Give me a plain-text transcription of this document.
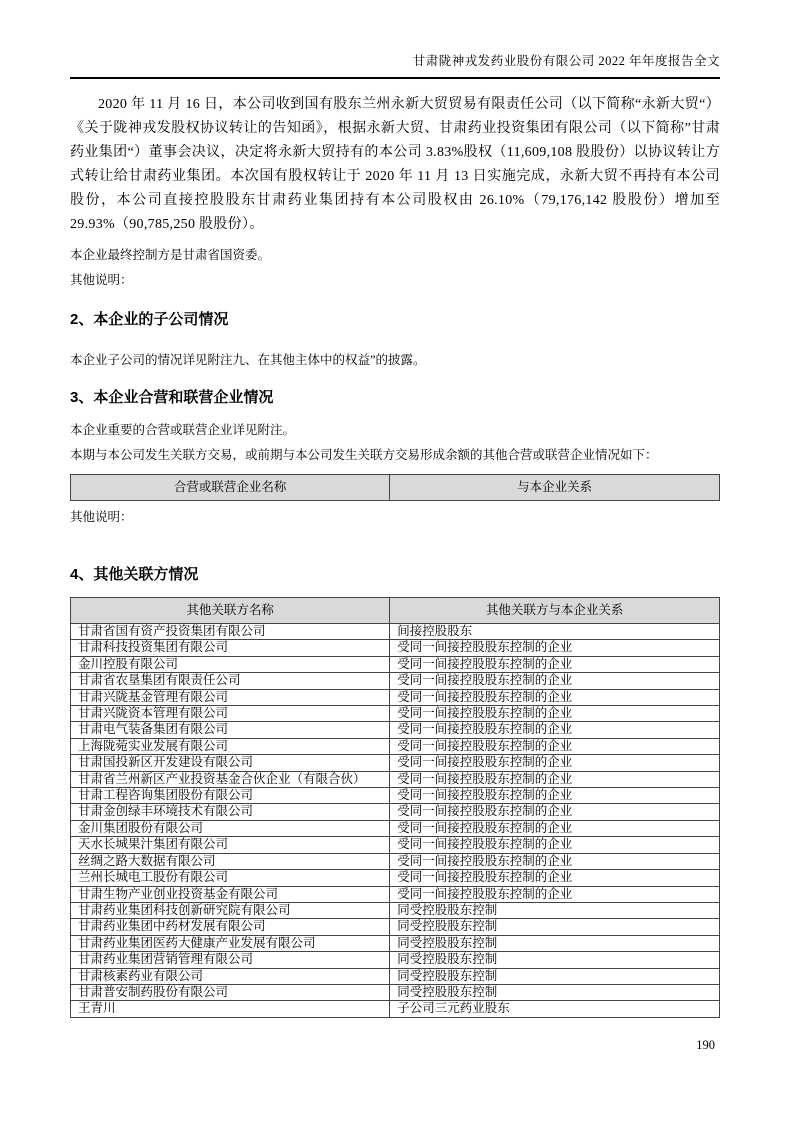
甘肃陇神戎发药业股份有限公司 2022 年年度报告全文

2020 年 11 月 16 日，本公司收到国有股东兰州永新大贸贸易有限责任公司（以下简称“永新大贸“）《关于陇神戎发股权协议转让的告知函》，根据永新大贸、甘肃药业投资集团有限公司（以下简称”甘肃药业集团“）董事会决议，决定将永新大贸持有的本公司 3.83%股权（11,609,108 股股份）以协议转让方式转让给甘肃药业集团。本次国有股权转让于 2020 年 11 月 13 日实施完成，永新大贸不再持有本公司股份，本公司直接控股股东甘肃药业集团持有本公司股权由 26.10%（79,176,142 股股份）增加至 29.93%（90,785,250 股股份）。

本企业最终控制方是甘肃省国资委。

其他说明：

2、本企业的子公司情况

本企业子公司的情况详见附注九、在其他主体中的权益”的披露。

3、本企业合营和联营企业情况

本企业重要的合营或联营企业详见附注。

本期与本公司发生关联方交易，或前期与本公司发生关联方交易形成余额的其他合营或联营企业情况如下：

合营或联营企业名称	与本企业关系

其他说明：

4、其他关联方情况
其他关联方名称	其他关联方与本企业关系
甘肃省国有资产投资集团有限公司	间接控股股东
甘肃科技投资集团有限公司	受同一间接控股股东控制的企业
金川控股有限公司	受同一间接控股股东控制的企业
甘肃省农垦集团有限责任公司	受同一间接控股股东控制的企业
甘肃兴陇基金管理有限公司	受同一间接控股股东控制的企业
甘肃兴陇资本管理有限公司	受同一间接控股股东控制的企业
甘肃电气装备集团有限公司	受同一间接控股股东控制的企业
上海陇菀实业发展有限公司	受同一间接控股股东控制的企业
甘肃国投新区开发建设有限公司	受同一间接控股股东控制的企业
甘肃省兰州新区产业投资基金合伙企业（有限合伙）	受同一间接控股股东控制的企业
甘肃工程咨询集团股份有限公司	受同一间接控股股东控制的企业
甘肃金创绿丰环境技术有限公司	受同一间接控股股东控制的企业
金川集团股份有限公司	受同一间接控股股东控制的企业
天水长城果汁集团有限公司	受同一间接控股股东控制的企业
丝绸之路大数据有限公司	受同一间接控股股东控制的企业
兰州长城电工股份有限公司	受同一间接控股股东控制的企业
甘肃生物产业创业投资基金有限公司	受同一间接控股股东控制的企业
甘肃药业集团科技创新研究院有限公司	同受控股股东控制
甘肃药业集团中药材发展有限公司	同受控股股东控制
甘肃药业集团医药大健康产业发展有限公司	同受控股股东控制
甘肃药业集团营销管理有限公司	同受控股股东控制
甘肃核素药业有限公司	同受控股股东控制
甘肃普安制药股份有限公司	同受控股股东控制
王青川	子公司三元药业股东
190
